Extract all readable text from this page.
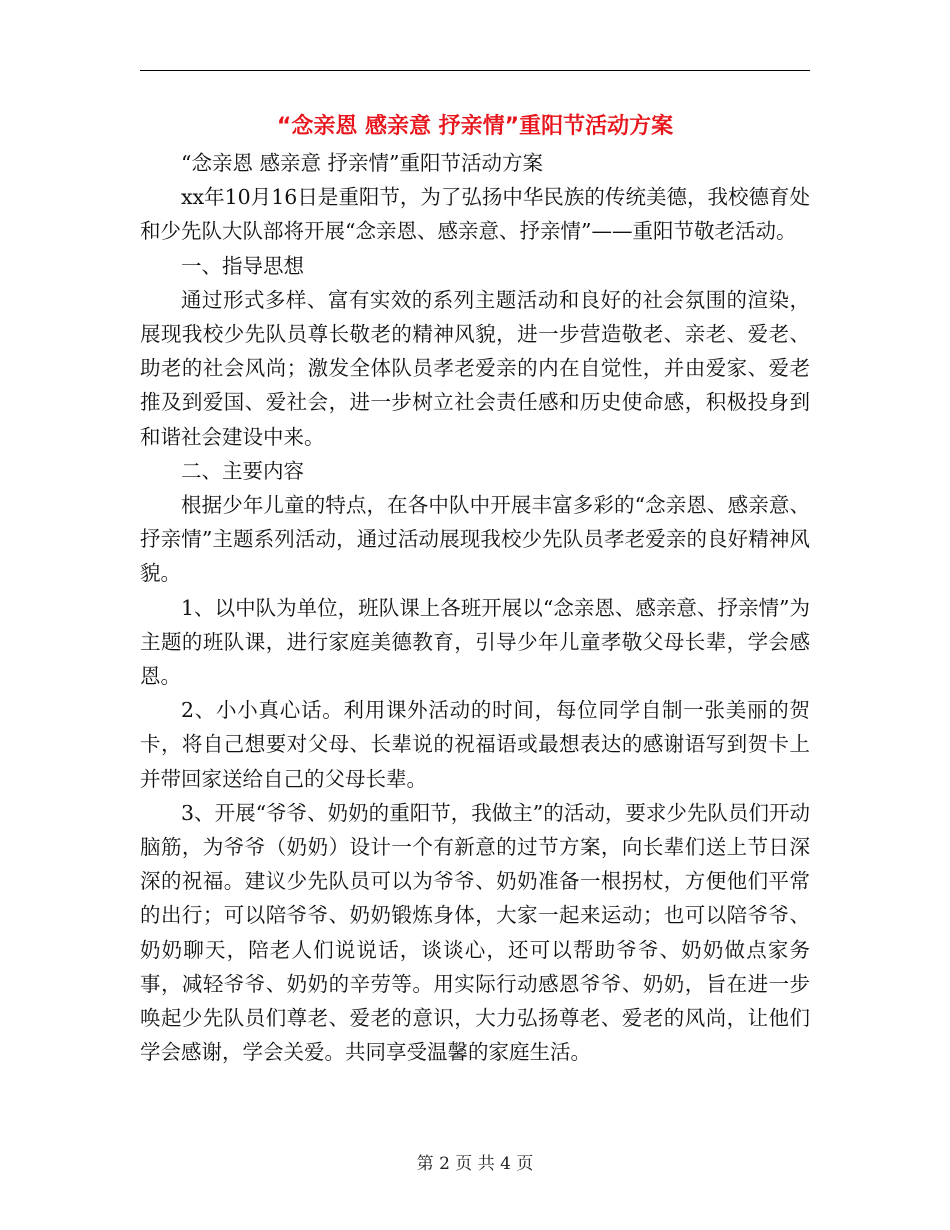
“念亲恩 感亲意 抒亲情”重阳节活动方案

“念亲恩 感亲意 抒亲情”重阳节活动方案

xx年10月16日是重阳节，为了弘扬中华民族的传统美德，我校德育处和少先队大队部将开展“念亲恩、感亲意、抒亲情”——重阳节敬老活动。

一、指导思想

通过形式多样、富有实效的系列主题活动和良好的社会氛围的渲染，展现我校少先队员尊长敬老的精神风貌，进一步营造敬老、亲老、爱老、助老的社会风尚；激发全体队员孝老爱亲的内在自觉性，并由爱家、爱老推及到爱国、爱社会，进一步树立社会责任感和历史使命感，积极投身到和谐社会建设中来。

二、主要内容

根据少年儿童的特点，在各中队中开展丰富多彩的“念亲恩、感亲意、抒亲情”主题系列活动，通过活动展现我校少先队员孝老爱亲的良好精神风貌。

1、以中队为单位，班队课上各班开展以“念亲恩、感亲意、抒亲情”为主题的班队课，进行家庭美德教育，引导少年儿童孝敬父母长辈，学会感恩。

2、小小真心话。利用课外活动的时间，每位同学自制一张美丽的贺卡，将自己想要对父母、长辈说的祝福语或最想表达的感谢语写到贺卡上并带回家送给自己的父母长辈。

3、开展“爷爷、奶奶的重阳节，我做主”的活动，要求少先队员们开动脑筋，为爷爷（奶奶）设计一个有新意的过节方案，向长辈们送上节日深深的祝福。建议少先队员可以为爷爷、奶奶准备一根拐杖，方便他们平常的出行；可以陪爷爷、奶奶锻炼身体，大家一起来运动；也可以陪爷爷、奶奶聊天，陪老人们说说话，谈谈心，还可以帮助爷爷、奶奶做点家务事，减轻爷爷、奶奶的辛劳等。用实际行动感恩爷爷、奶奶，旨在进一步唤起少先队员们尊老、爱老的意识，大力弘扬尊老、爱老的风尚，让他们学会感谢，学会关爱。共同享受温馨的家庭生活。

第 2 页 共 4 页
